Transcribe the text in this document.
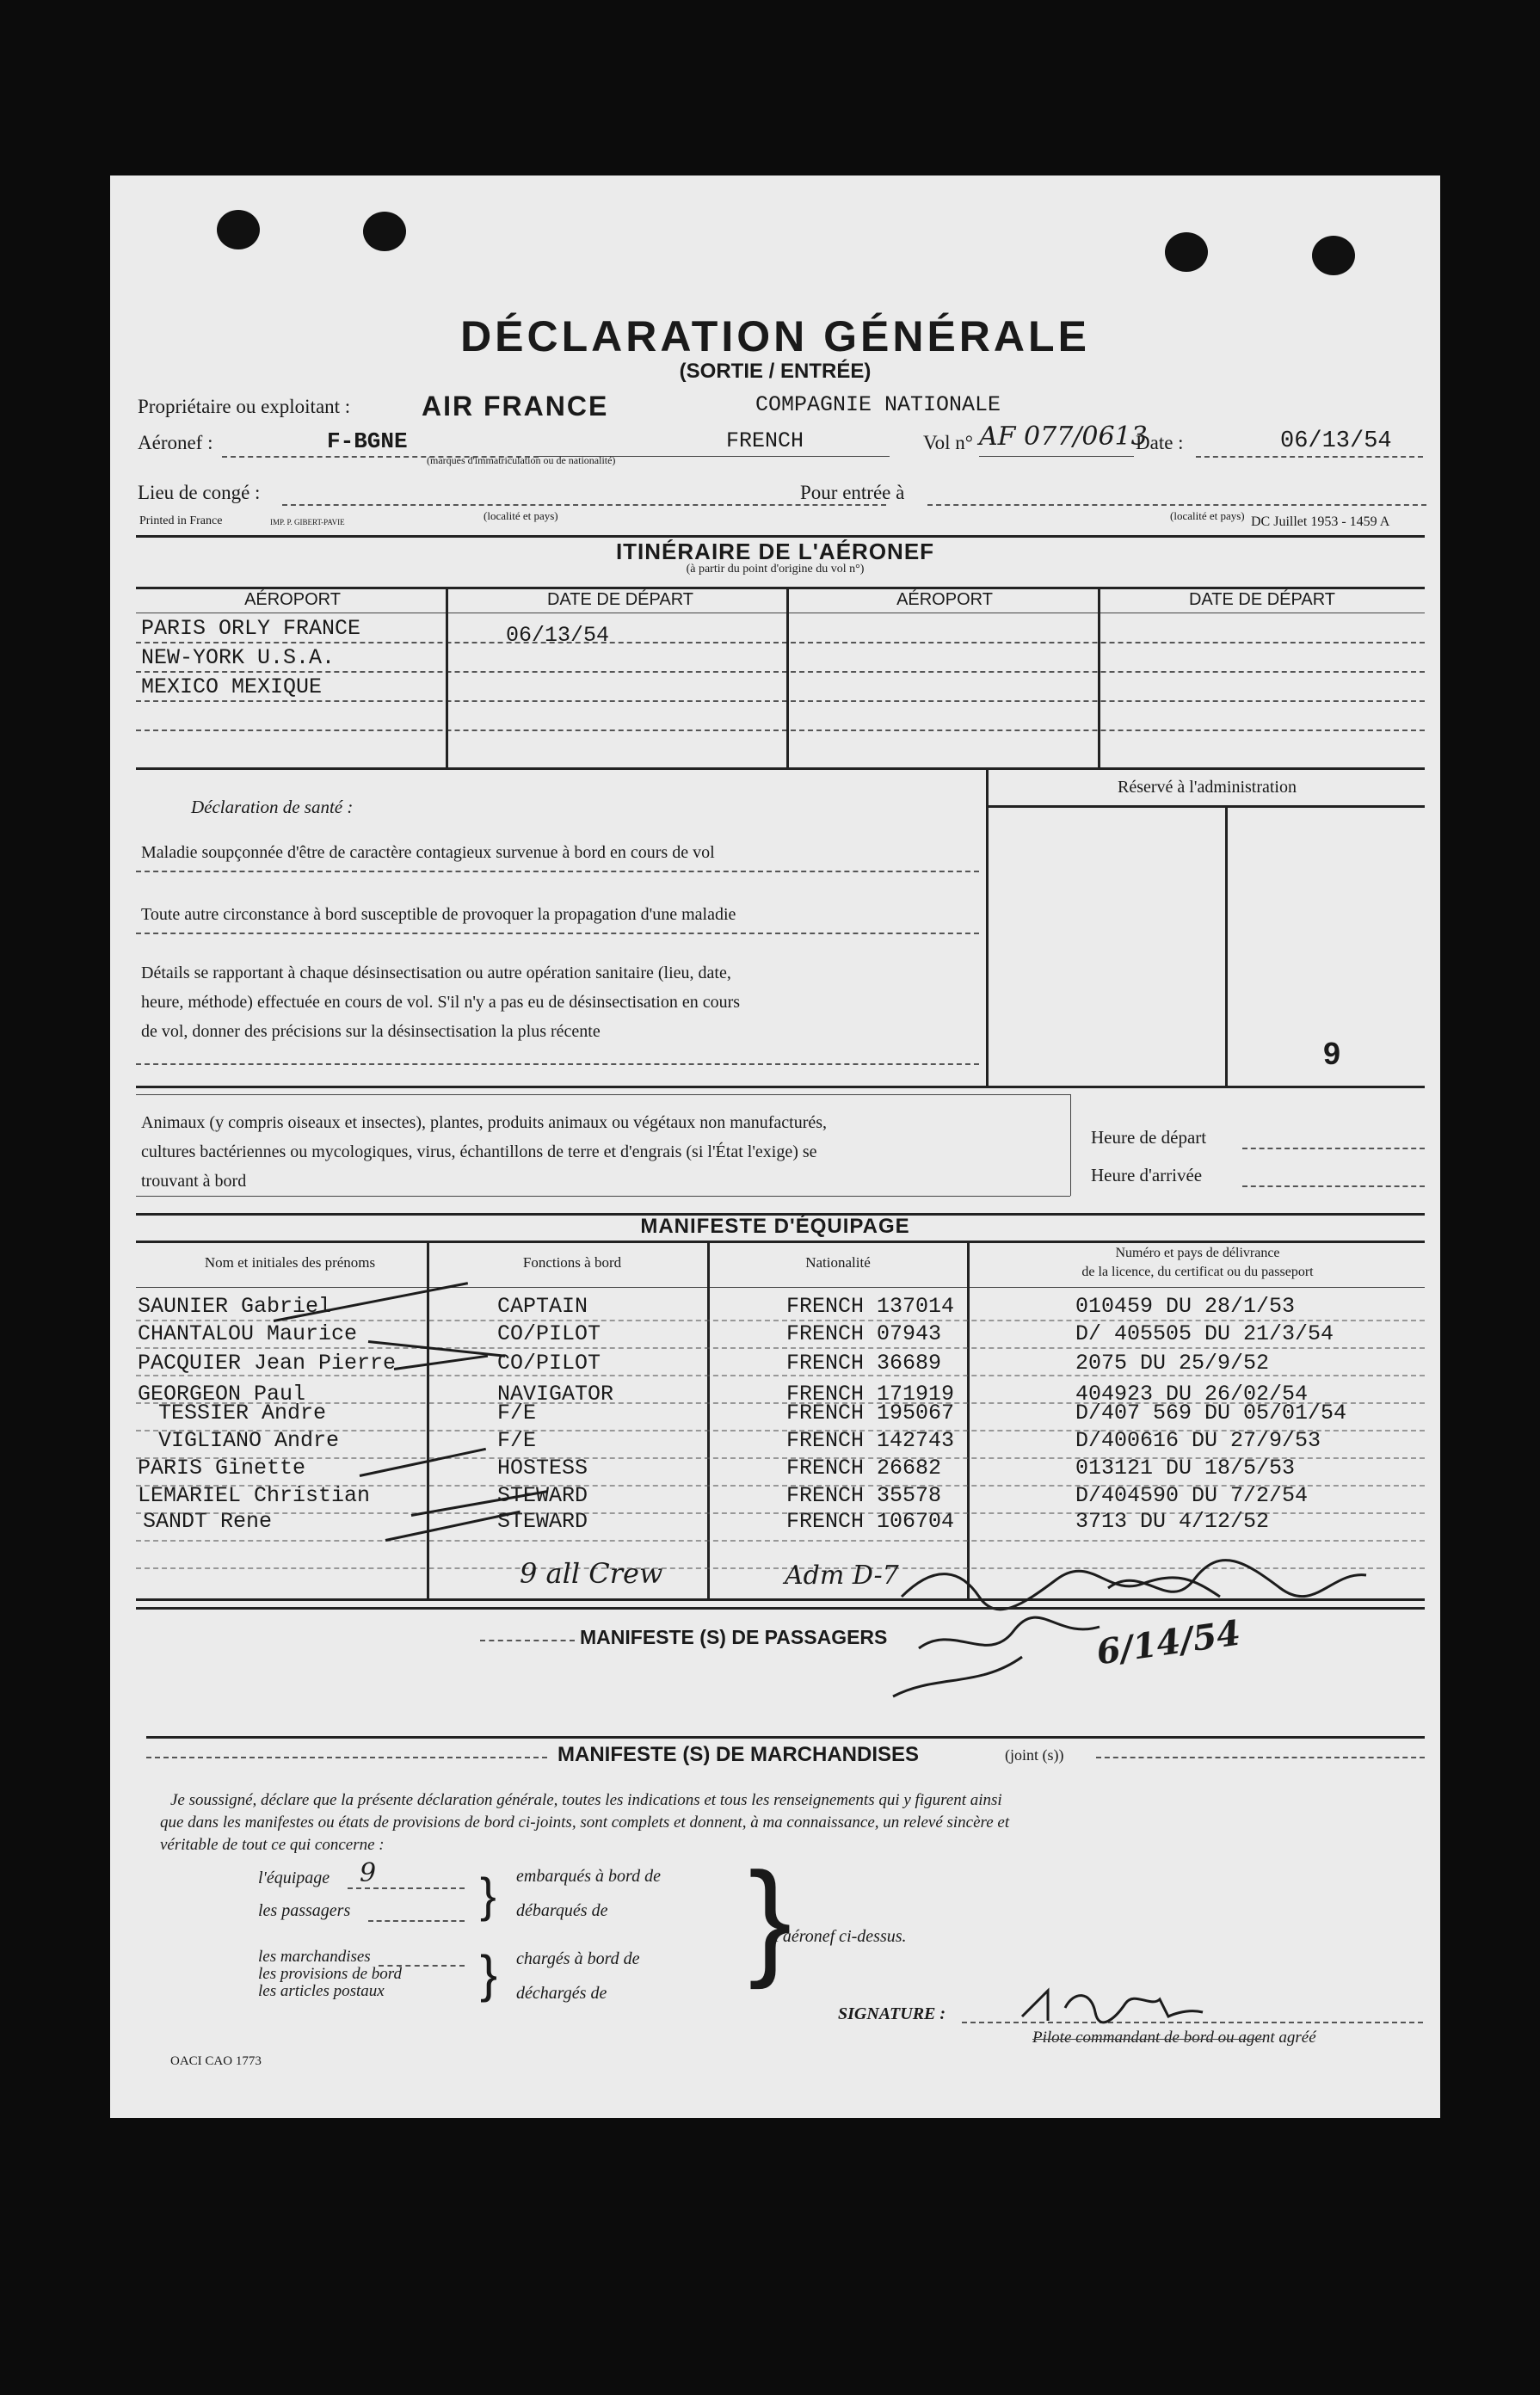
DÉCLARATION GÉNÉRALE
(SORTIE / ENTRÉE)
Propriétaire ou exploitant :	AIR FRANCE	COMPAGNIE NATIONALE
Aéronef :	F-BGNE
(marques d'immatriculation ou de nationalité)
FRENCH	Vol n° AF 077/0613
Date :	06/13/54
Lieu de congé :
(localité et pays)
Pour entrée à
(localité et pays)
Printed in France	IMP. P. GIBERT-PAVIE	DC Juillet 1953 - 1459 A
ITINÉRAIRE DE L'AÉRONEF
(à partir du point d'origine du vol n°)
AÉROPORT	DATE DE DÉPART	AÉROPORT	DATE DE DÉPART
PARIS ORLY FRANCE	06/13/54
NEW-YORK U.S.A.
MEXICO MEXIQUE
Déclaration de santé :
Maladie soupçonnée d'être de caractère contagieux survenue à bord en cours de vol
Toute autre circonstance à bord susceptible de provoquer la propagation d'une maladie
Détails se rapportant à chaque désinsectisation ou autre opération sanitaire (lieu, date,
heure, méthode) effectuée en cours de vol. S'il n'y a pas eu de désinsectisation en cours
de vol, donner des précisions sur la désinsectisation la plus récente
Réservé à l'administration
9
Animaux (y compris oiseaux et insectes), plantes, produits animaux ou végétaux non manufacturés,
cultures bactériennes ou mycologiques, virus, échantillons de terre et d'engrais (si l'État l'exige) se
trouvant à bord
Heure de départ
Heure d'arrivée
MANIFESTE D'ÉQUIPAGE
Nom et initiales des prénoms	Fonctions à bord	Nationalité
Numéro et pays de délivrance
de la licence, du certificat ou du passeport
SAUNIER Gabriel	CAPTAIN	FRENCH 137014	010459 DU 28/1/53
CHANTALOU Maurice	CO/PILOT	FRENCH 07943	D/ 405505 DU 21/3/54
PACQUIER Jean Pierre	CO/PILOT	FRENCH 36689	2075 DU 25/9/52
GEORGEON Paul	NAVIGATOR	FRENCH 171919	404923 DU 26/02/54
TESSIER Andre	F/E	FRENCH 195067	D/407 569 DU 05/01/54
VIGLIANO Andre	F/E	FRENCH 142743	D/400616 DU 27/9/53
PARIS Ginette	HOSTESS	FRENCH 26682	013121 DU 18/5/53
LEMARIEL Christian	STEWARD	FRENCH 35578	D/404590 DU 7/2/54
SANDT Rene	STEWARD	FRENCH 106704	3713 DU 4/12/52
9 all Crew	Adm D-7
6/14/54
MANIFESTE (S) DE PASSAGERS
MANIFESTE (S) DE MARCHANDISES	(joint (s))
Je soussigné, déclare que la présente déclaration générale, toutes les indications et tous les renseignements qui y figurent ainsi
que dans les manifestes ou états de provisions de bord ci-joints, sont complets et donnent, à ma connaissance, un relevé sincère et
véritable de tout ce qui concerne :
l'équipage 9
les passagers
embarqués à bord de
débarqués de
}
les marchandises
les provisions de bord
les articles postaux
chargés à bord de
déchargés de
} }
l'aéronef ci-dessus.
SIGNATURE :
Pilote commandant de bord ou agent agréé
OACI CAO 1773
